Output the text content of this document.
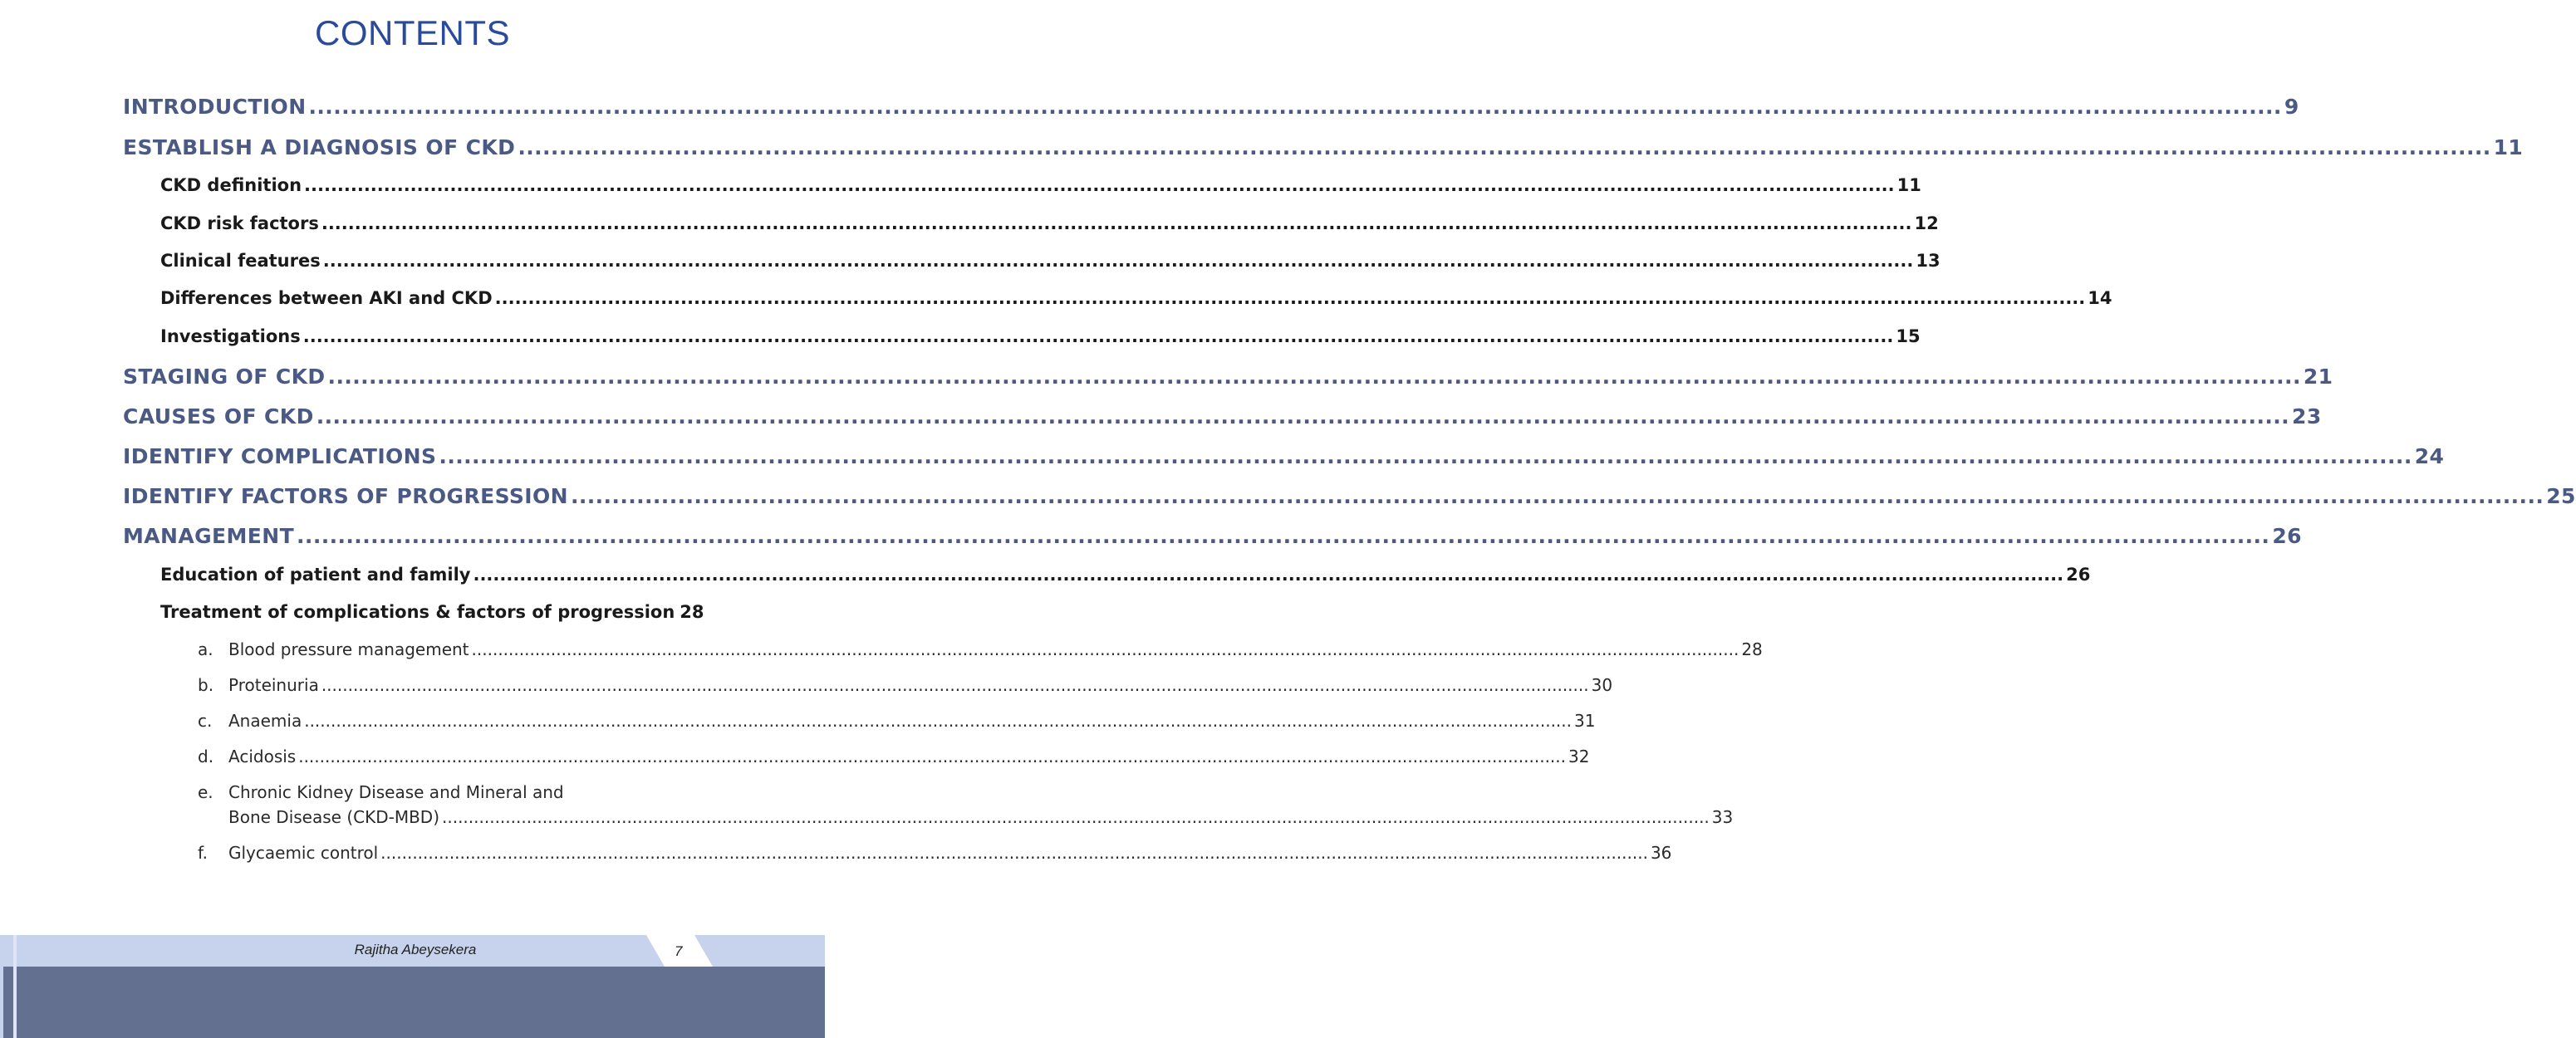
CONTENTS
INTRODUCTION .....	9
ESTABLISH A DIAGNOSIS OF CKD .....	11
CKD definition .....	11
CKD risk factors .....	12
Clinical features .....	13
Differences between AKI and CKD .....	14
Investigations .....	15
STAGING OF CKD .....	21
CAUSES OF CKD .....	23
IDENTIFY COMPLICATIONS .....	24
IDENTIFY FACTORS OF PROGRESSION .....	25
MANAGEMENT .....	26
Education of patient and family .....	26
Treatment of complications & factors of progression 28
a. Blood pressure management .....	28
b. Proteinuria .....	30
c. Anaemia .....	31
d. Acidosis .....	32
e. Chronic Kidney Disease and Mineral and
Bone Disease (CKD-MBD) .....	33
f. Glycaemic control .....	36
Rajitha Abeysekera	7
